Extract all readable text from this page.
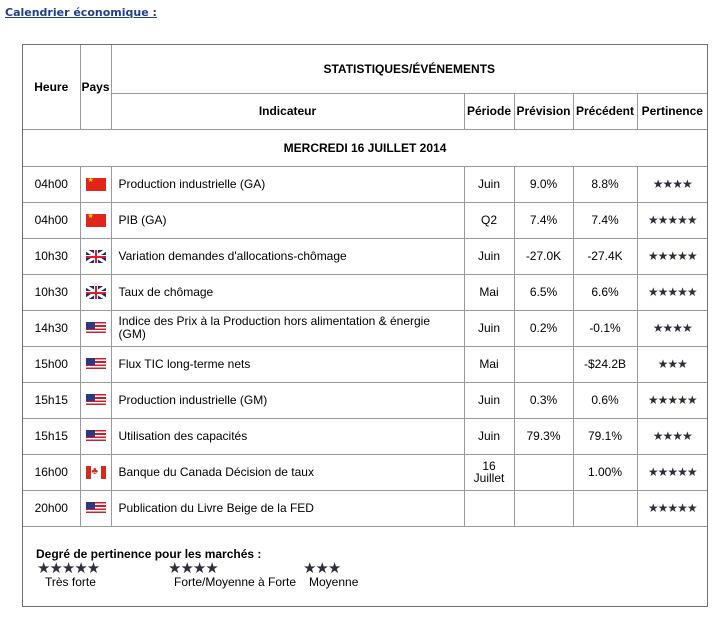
Calendrier économique :
Heure	Pays	STATISTIQUES/ÉVÉNEMENTS				
		Indicateur	Période	Prévision	Précédent	Pertinence
MERCREDI 16 JUILLET 2014						
04h00	★	Production industrielle (GA)	Juin	9.0%	8.8%	★★★★
04h00	★	PIB (GA)	Q2	7.4%	7.4%	★★★★★
10h30		Variation demandes d'allocations-chômage	Juin	-27.0K	-27.4K	★★★★★
10h30		Taux de chômage	Mai	6.5%	6.6%	★★★★★
14h30		Indice des Prix à la Production hors alimentation & énergie (GM)	Juin	0.2%	-0.1%	★★★★
15h00		Flux TIC long-terme nets	Mai		-$24.2B	★★★
15h15		Production industrielle (GM)	Juin	0.3%	0.6%	★★★★★
15h15		Utilisation des capacités	Juin	79.3%	79.1%	★★★★
16h00	♣	Banque du Canada Décision de taux	16 Juillet		1.00%	★★★★★
20h00		Publication du Livre Beige de la FED				★★★★★
Degré de pertinence pour les marchés :
★★★★★
Très forte
★★★★
Forte/Moyenne à Forte
★★★
Moyenne
